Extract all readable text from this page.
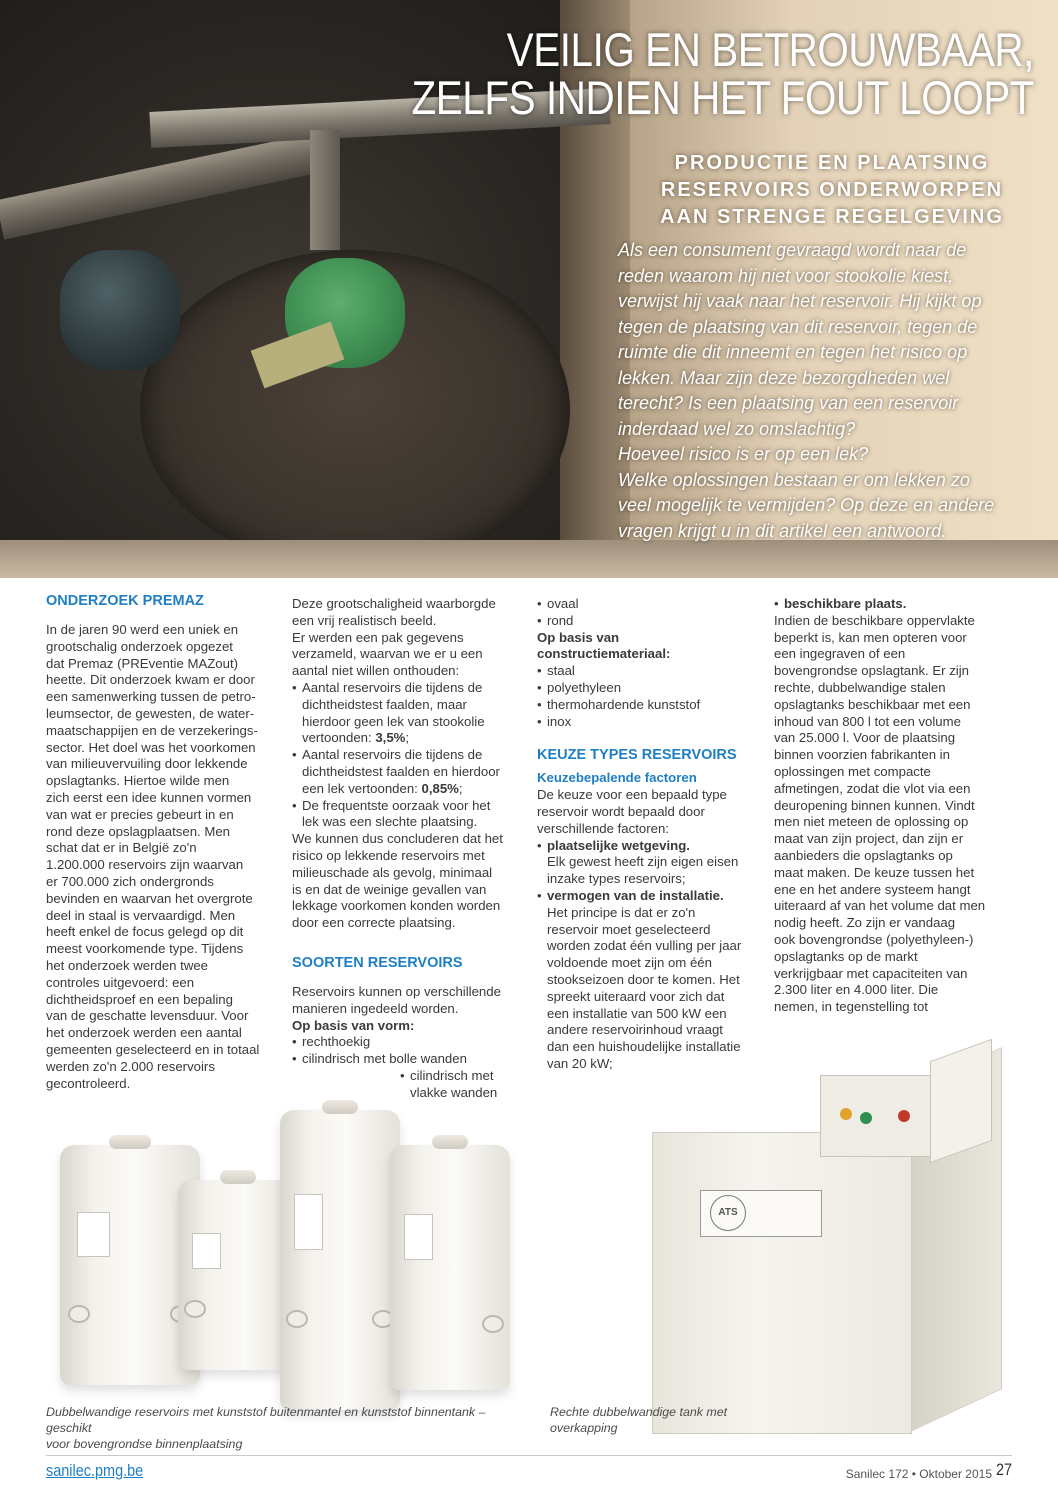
VEILIG EN BETROUWBAAR,
ZELFS INDIEN HET FOUT LOOPT
PRODUCTIE EN PLAATSING
RESERVOIRS ONDERWORPEN
AAN STRENGE REGELGEVING

Als een consument gevraagd wordt naar de
reden waarom hij niet voor stookolie kiest,
verwijst hij vaak naar het reservoir. Hij kijkt op
tegen de plaatsing van dit reservoir, tegen de
ruimte die dit inneemt en tegen het risico op
lekken. Maar zijn deze bezorgdheden wel
terecht? Is een plaatsing van een reservoir
inderdaad wel zo omslachtig?
Hoeveel risico is er op een lek?
Welke oplossingen bestaan er om lekken zo
veel mogelijk te vermijden? Op deze en andere
vragen krijgt u in dit artikel een antwoord.

ONDERZOEK PREMAZ

In de jaren 90 werd een uniek en
grootschalig onderzoek opgezet
dat Premaz (PREventie MAZout)
heette. Dit onderzoek kwam er door
een samenwerking tussen de petro-
leumsector, de gewesten, de water-
maatschappijen en de verzekerings-
sector. Het doel was het voorkomen
van milieuvervuiling door lekkende
opslagtanks. Hiertoe wilde men
zich eerst een idee kunnen vormen
van wat er precies gebeurt in en
rond deze opslagplaatsen. Men
schat dat er in België zo'n
1.200.000 reservoirs zijn waarvan
er 700.000 zich ondergronds
bevinden en waarvan het overgrote
deel in staal is vervaardigd. Men
heeft enkel de focus gelegd op dit
meest voorkomende type. Tijdens
het onderzoek werden twee
controles uitgevoerd: een
dichtheidsproef en een bepaling
van de geschatte levensduur. Voor
het onderzoek werden een aantal
gemeenten geselecteerd en in totaal
werden zo'n 2.000 reservoirs
gecontroleerd.

Deze grootschaligheid waarborgde
een vrij realistisch beeld.
Er werden een pak gegevens
verzameld, waarvan we er u een
aantal niet willen onthouden:

• Aantal reservoirs die tijdens de
dichtheidstest faalden, maar
hierdoor geen lek van stookolie
vertoonden: 3,5%;
• Aantal reservoirs die tijdens de
dichtheidstest faalden en hierdoor
een lek vertoonden: 0,85%;
• De frequentste oorzaak voor het
lek was een slechte plaatsing.

We kunnen dus concluderen dat het
risico op lekkende reservoirs met
milieuschade als gevolg, minimaal
is en dat de weinige gevallen van
lekkage voorkomen konden worden
door een correcte plaatsing.

SOORTEN RESERVOIRS

Reservoirs kunnen op verschillende
manieren ingedeeld worden.

Op basis van vorm:

• rechthoekig
• cilindrisch met bolle wanden
• cilindrisch met
vlakke wanden
• ovaal
• rond

Op basis van
constructiemateriaal:

• staal
• polyethyleen
• thermohardende kunststof
• inox
KEUZE TYPES RESERVOIRS
Keuzebepalende factoren

De keuze voor een bepaald type
reservoir wordt bepaald door
verschillende factoren:

• plaatselijke wetgeving.
Elk gewest heeft zijn eigen eisen
inzake types reservoirs;
• vermogen van de installatie.
Het principe is dat er zo'n
reservoir moet geselecteerd
worden zodat één vulling per jaar
voldoende moet zijn om één
stookseizoen door te komen. Het
spreekt uiteraard voor zich dat
een installatie van 500 kW een
andere reservoirinhoud vraagt
dan een huishoudelijke installatie
van 20 kW;
• beschikbare plaats.

Indien de beschikbare oppervlakte
beperkt is, kan men opteren voor
een ingegraven of een
bovengrondse opslagtank. Er zijn
rechte, dubbelwandige stalen
opslagtanks beschikbaar met een
inhoud van 800 l tot een volume
van 25.000 l. Voor de plaatsing
binnen voorzien fabrikanten in
oplossingen met compacte
afmetingen, zodat die vlot via een
deuropening binnen kunnen. Vindt
men niet meteen de oplossing op
maat van zijn project, dan zijn er
aanbieders die opslagtanks op
maat maken. De keuze tussen het
ene en het andere systeem hangt
uiteraard af van het volume dat men
nodig heeft. Zo zijn er vandaag
ook bovengrondse (polyethyleen-)
opslagtanks op de markt
verkrijgbaar met capaciteiten van
2.300 liter en 4.000 liter. Die
nemen, in tegenstelling tot

ATS

Dubbelwandige reservoirs met kunststof buitenmantel en kunststof binnentank – geschikt
voor bovengrondse binnenplaatsing

Rechte dubbelwandige tank met
overkapping

sanilec.pmg.be	Sanilec 172 • Oktober 2015 27
